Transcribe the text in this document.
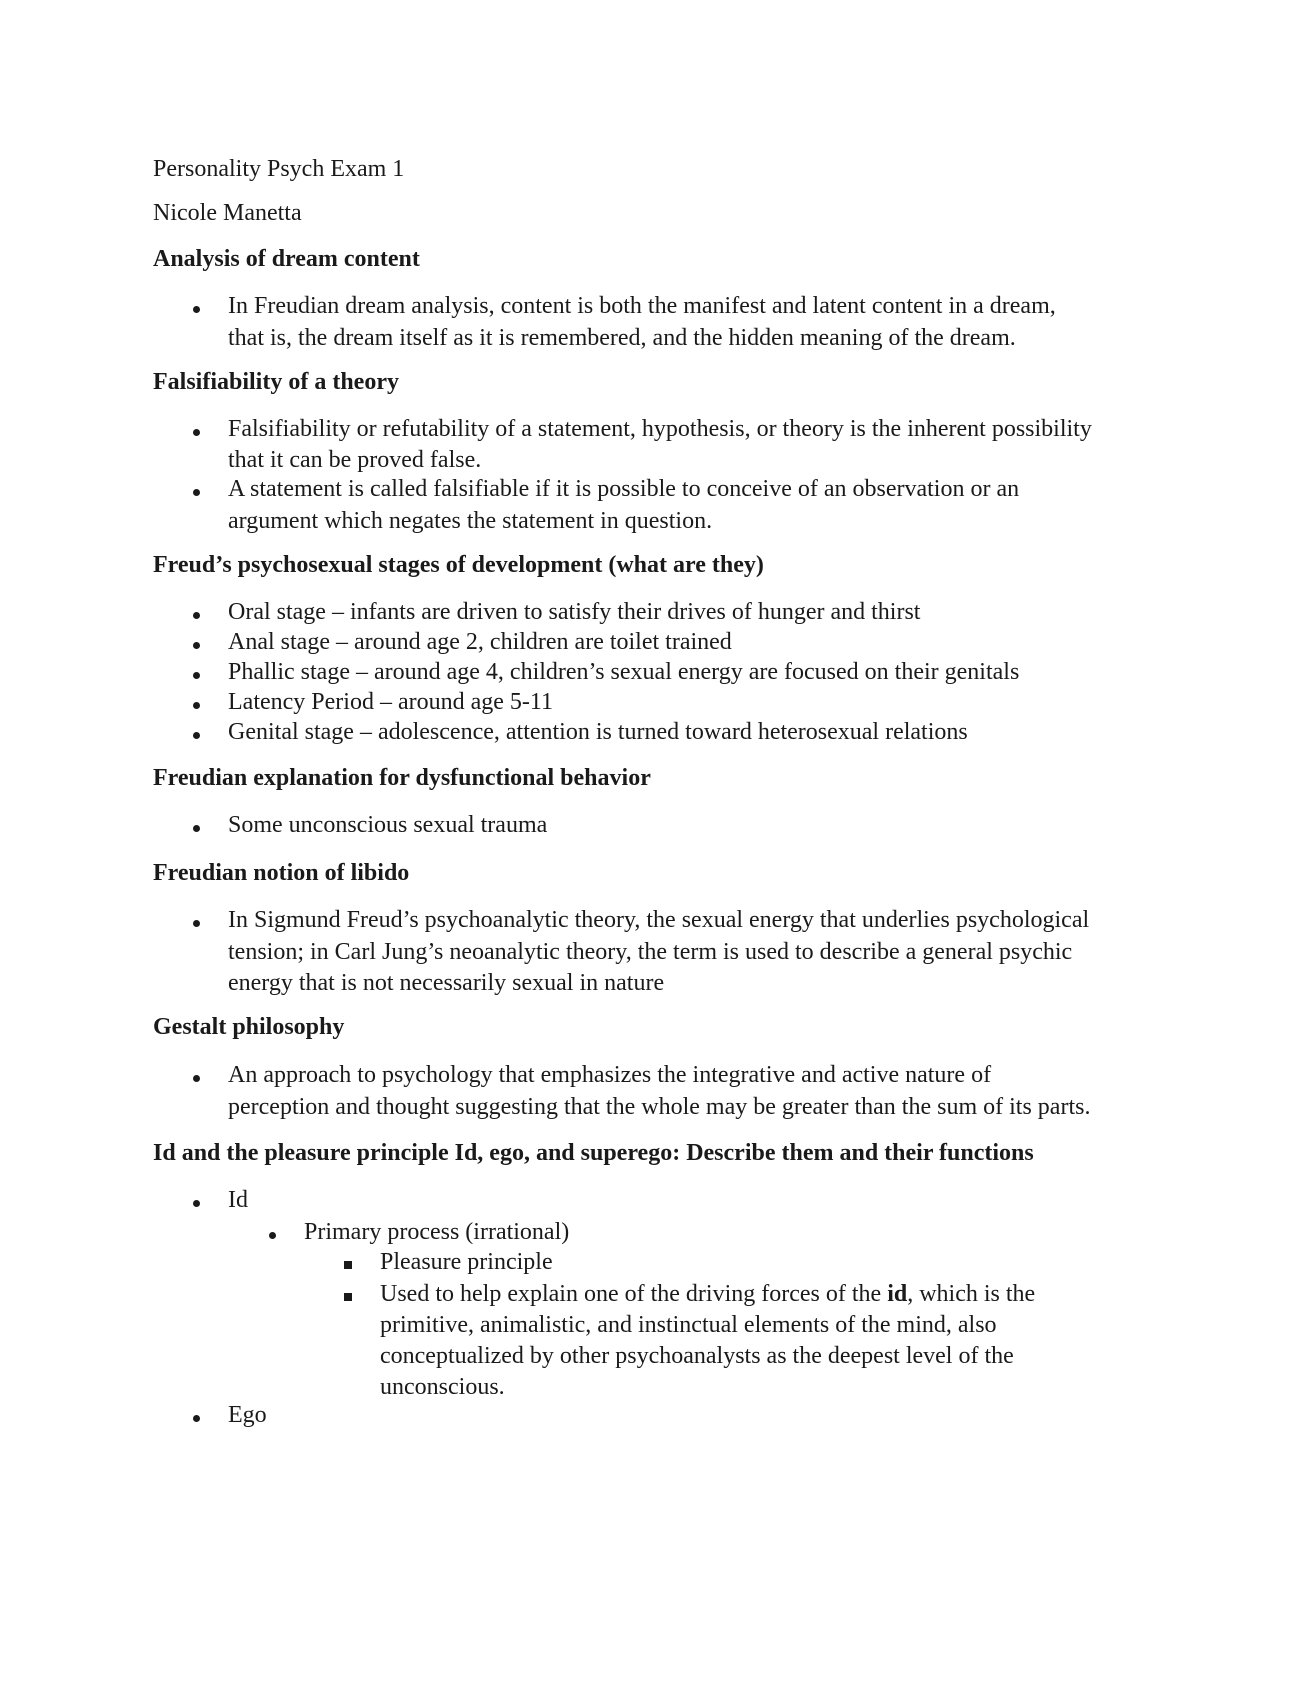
Personality Psych Exam 1
Nicole Manetta
Analysis of dream content
In Freudian dream analysis, content is both the manifest and latent content in a dream,
that is, the dream itself as it is remembered, and the hidden meaning of the dream.
Falsifiability of a theory
Falsifiability or refutability of a statement, hypothesis, or theory is the inherent possibility
that it can be proved false.
A statement is called falsifiable if it is possible to conceive of an observation or an
argument which negates the statement in question.
Freud’s psychosexual stages of development (what are they)
Oral stage – infants are driven to satisfy their drives of hunger and thirst
Anal stage – around age 2, children are toilet trained
Phallic stage – around age 4, children’s sexual energy are focused on their genitals
Latency Period – around age 5-11
Genital stage – adolescence, attention is turned toward heterosexual relations
Freudian explanation for dysfunctional behavior
Some unconscious sexual trauma
Freudian notion of libido
In Sigmund Freud’s psychoanalytic theory, the sexual energy that underlies psychological
tension; in Carl Jung’s neoanalytic theory, the term is used to describe a general psychic
energy that is not necessarily sexual in nature
Gestalt philosophy
An approach to psychology that emphasizes the integrative and active nature of
perception and thought suggesting that the whole may be greater than the sum of its parts.
Id and the pleasure principle Id, ego, and superego: Describe them and their functions
Id
Primary process (irrational)
Pleasure principle
Used to help explain one of the driving forces of the id, which is the
primitive, animalistic, and instinctual elements of the mind, also
conceptualized by other psychoanalysts as the deepest level of the
unconscious.
Ego
